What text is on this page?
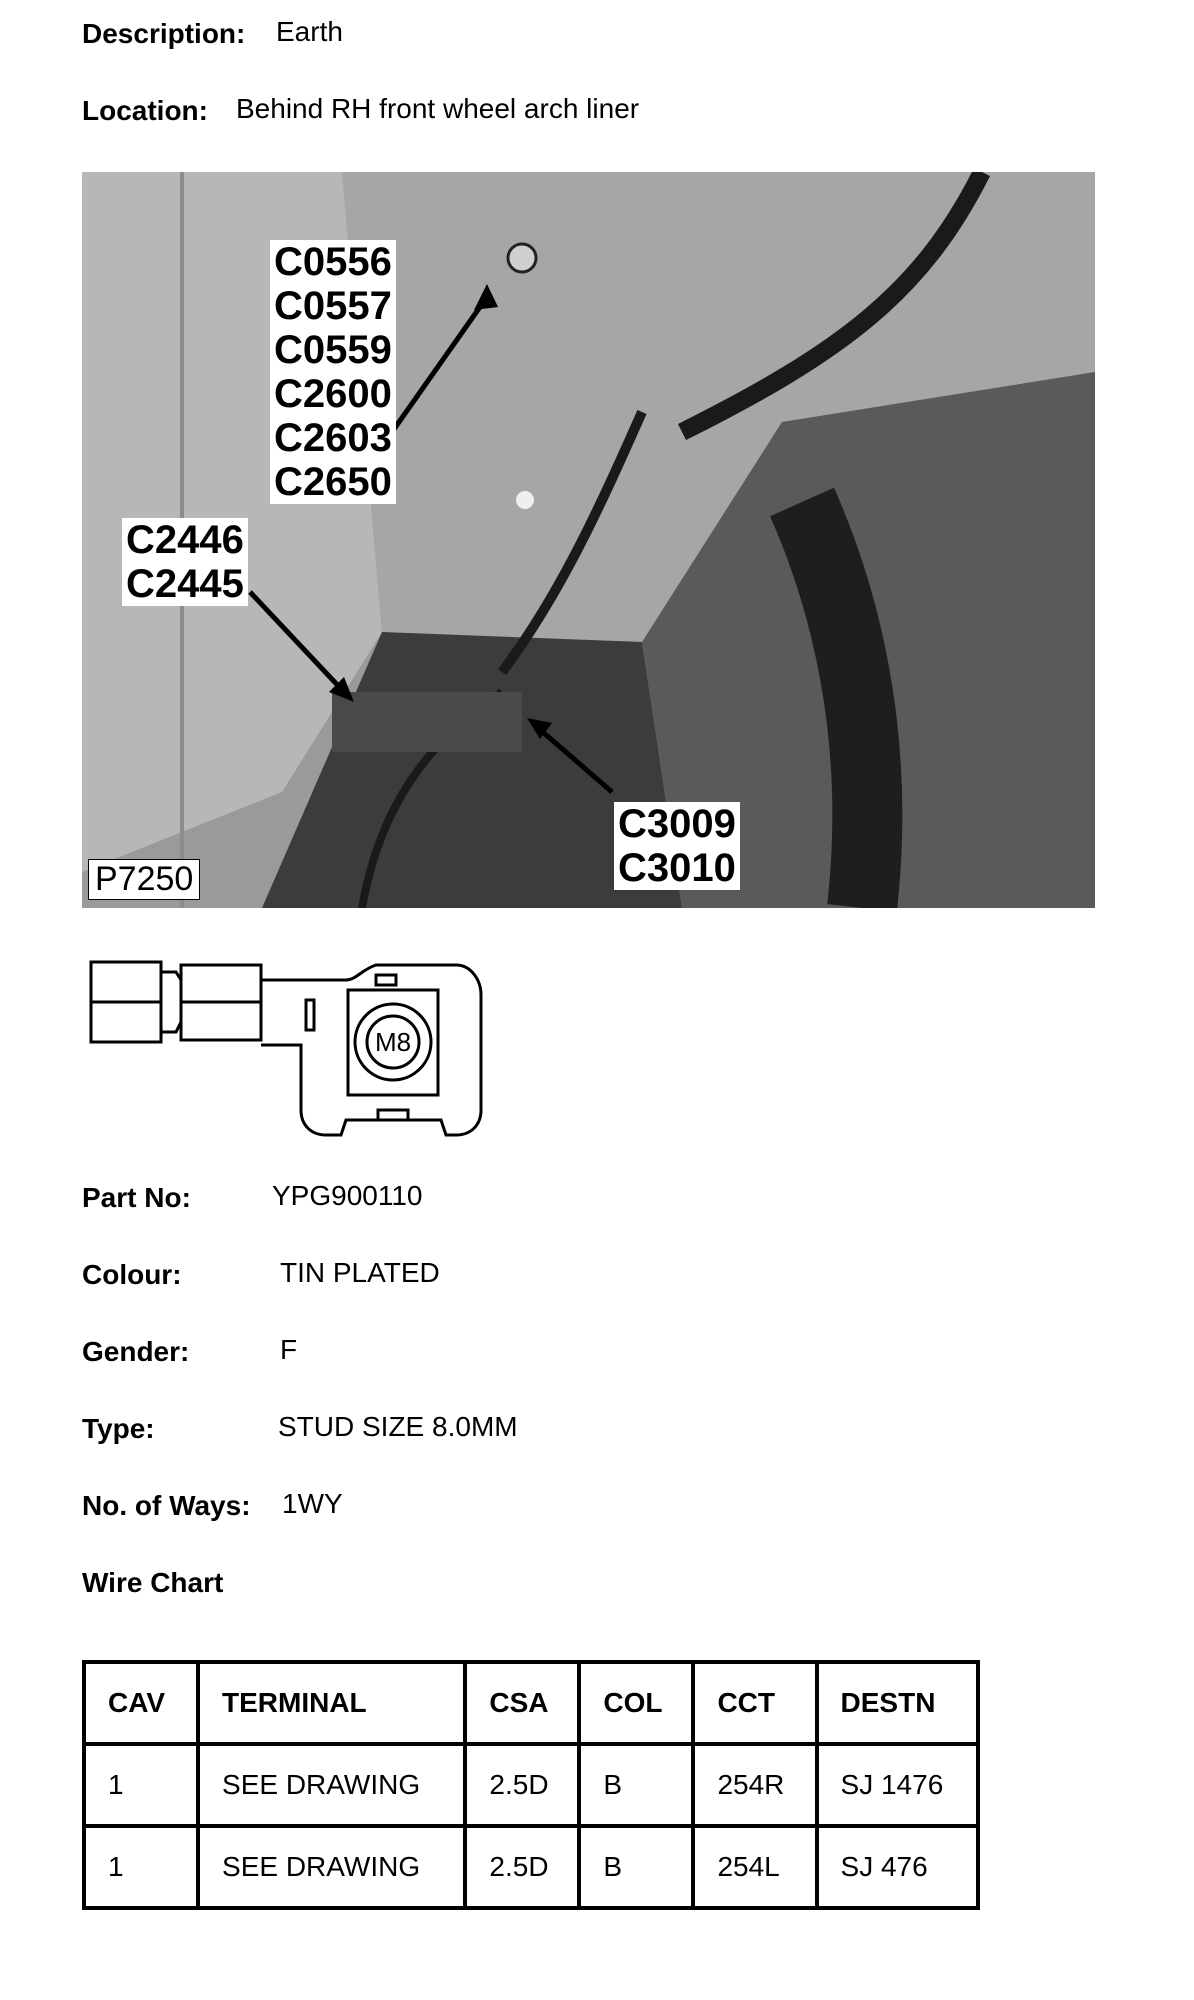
Description: Earth
Location: Behind RH front wheel arch liner
C0556
C0557
C0559
C2600
C2603
C2650
C2446
C2445
C3009
C3010
P7250
M8
Part No:	YPG900110
Colour:	TIN PLATED
Gender:	F
Type:	STUD SIZE 8.0MM
No. of Ways: 1WY
Wire Chart
CAV	TERMINAL	CSA	COL	CCT	DESTN
1	SEE DRAWING	2.5D	B	254R	SJ 1476
1	SEE DRAWING	2.5D	B	254L	SJ 476
